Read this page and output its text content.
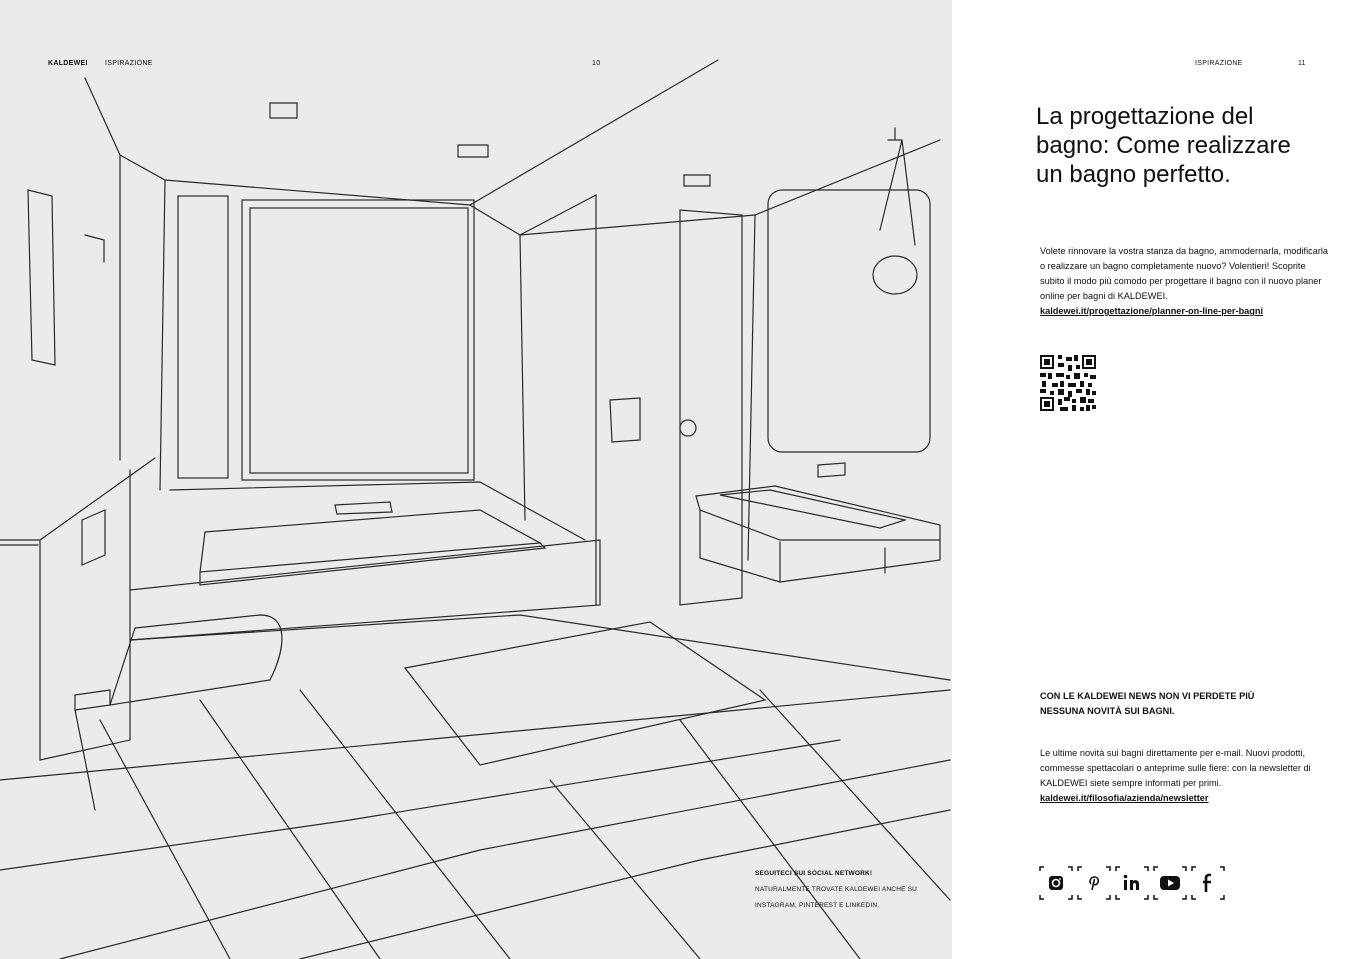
KALDEWEI ISPIRAZIONE	10
SEGUITECI SUI SOCIAL NETWORK!
NATURALMENTE TROVATE KALDEWEI ANCHE SU
INSTAGRAM, PINTEREST E LINKEDIN.
ISPIRAZIONE	11
La progettazione del bagno: Come realizzare un bagno perfetto.
Volete rinnovare la vostra stanza da bagno, ammodernarla, modificarla o realizzare un bagno completamente nuovo? Volentieri! Scoprite subito il modo più comodo per progettare il bagno con il nuovo planer online per bagni di KALDEWEI.
kaldewei.it/progettazione/planner-on-line-per-bagni
CON LE KALDEWEI NEWS NON VI PERDETE PIÙ NESSUNA NOVITÀ SUI BAGNI.
Le ultime novità sui bagni direttamente per e-mail. Nuovi prodotti, commesse spettacolari o anteprime sulle fiere: con la newsletter di KALDEWEI siete sempre informati per primi.
kaldewei.it/filosofia/azienda/newsletter
